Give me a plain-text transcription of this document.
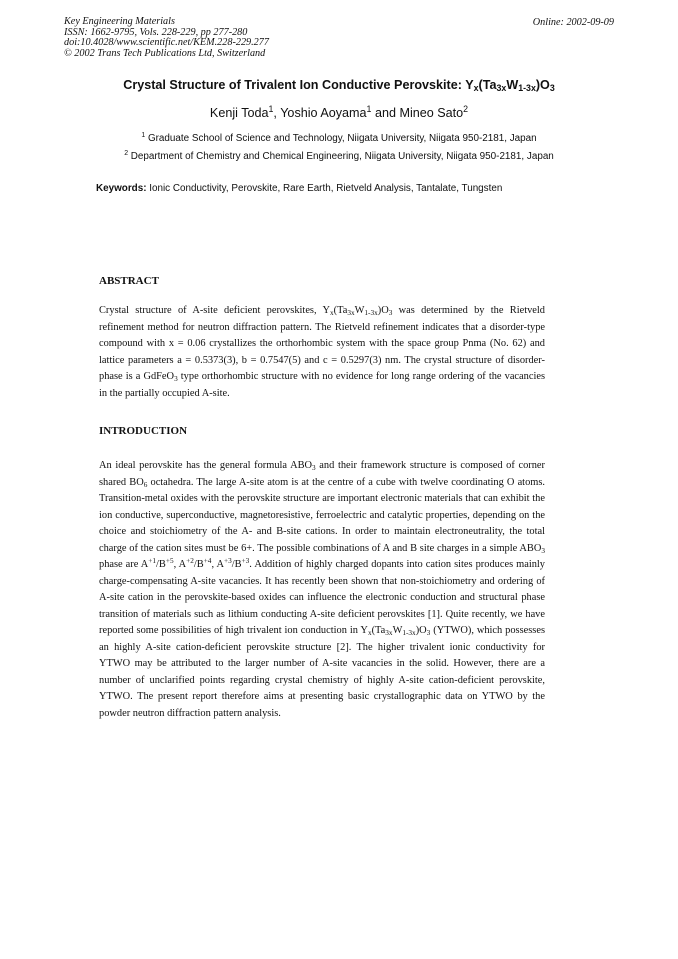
Key Engineering Materials
ISSN: 1662-9795, Vols. 228-229, pp 277-280
doi:10.4028/www.scientific.net/KEM.228-229.277
© 2002 Trans Tech Publications Ltd, Switzerland
Online: 2002-09-09
Crystal Structure of Trivalent Ion Conductive Perovskite: $Y_x(Ta_{3x}W_{1-3x})O_3$
Kenji Toda$^1$, Yoshio Aoyama$^1$ and Mineo Sato$^2$
$^1$ Graduate School of Science and Technology, Niigata University, Niigata 950-2181, Japan
$^2$ Department of Chemistry and Chemical Engineering, Niigata University, Niigata 950-2181, Japan
Keywords: Ionic Conductivity, Perovskite, Rare Earth, Rietveld Analysis, Tantalate, Tungsten
ABSTRACT
Crystal structure of A-site deficient perovskites, $Y_x(Ta_{3x}W_{1-3x})O_3$ was determined by the Rietveld refinement method for neutron diffraction pattern. The Rietveld refinement indicates that a disorder-type compound with x = 0.06 crystallizes the orthorhombic system with the space group Pnma (No. 62) and lattice parameters a = 0.5373(3), b = 0.7547(5) and c = 0.5297(3) nm. The crystal structure of disorder-phase is a GdFeO$_3$ type orthorhombic structure with no evidence for long range ordering of the vacancies in the partially occupied A-site.
INTRODUCTION
An ideal perovskite has the general formula $ABO_3$ and their framework structure is composed of corner shared $BO_6$ octahedra. The large A-site atom is at the centre of a cube with twelve coordinating O atoms. Transition-metal oxides with the perovskite structure are important electronic materials that can exhibit the ion conductive, superconductive, magnetoresistive, ferroelectric and catalytic properties, depending on the choice and stoichiometry of the A- and B-site cations. In order to maintain electroneutrality, the total charge of the cation sites must be 6+. The possible combinations of A and B site charges in a simple $ABO_3$ phase are $A^{+1}/B^{+5}$, $A^{+2}/B^{+4}$, $A^{+3}/B^{+3}$. Addition of highly charged dopants into cation sites produces mainly charge-compensating A-site vacancies. It has recently been shown that non-stoichiometry and ordering of A-site cation in the perovskite-based oxides can influence the electronic conduction and structural phase transition of materials such as lithium conducting A-site deficient perovskites [1]. Quite recently, we have reported some possibilities of high trivalent ion conduction in $Y_x(Ta_{3x}W_{1-3x})O_3$ (YTWO), which possesses an highly A-site cation-deficient perovskite structure [2]. The higher trivalent ionic conductivity for YTWO may be attributed to the larger number of A-site vacancies in the solid. However, there are a number of unclarified points regarding crystal chemistry of highly A-site cation-deficient perovskite, YTWO. The present report therefore aims at presenting basic crystallographic data on YTWO by the powder neutron diffraction pattern analysis.
